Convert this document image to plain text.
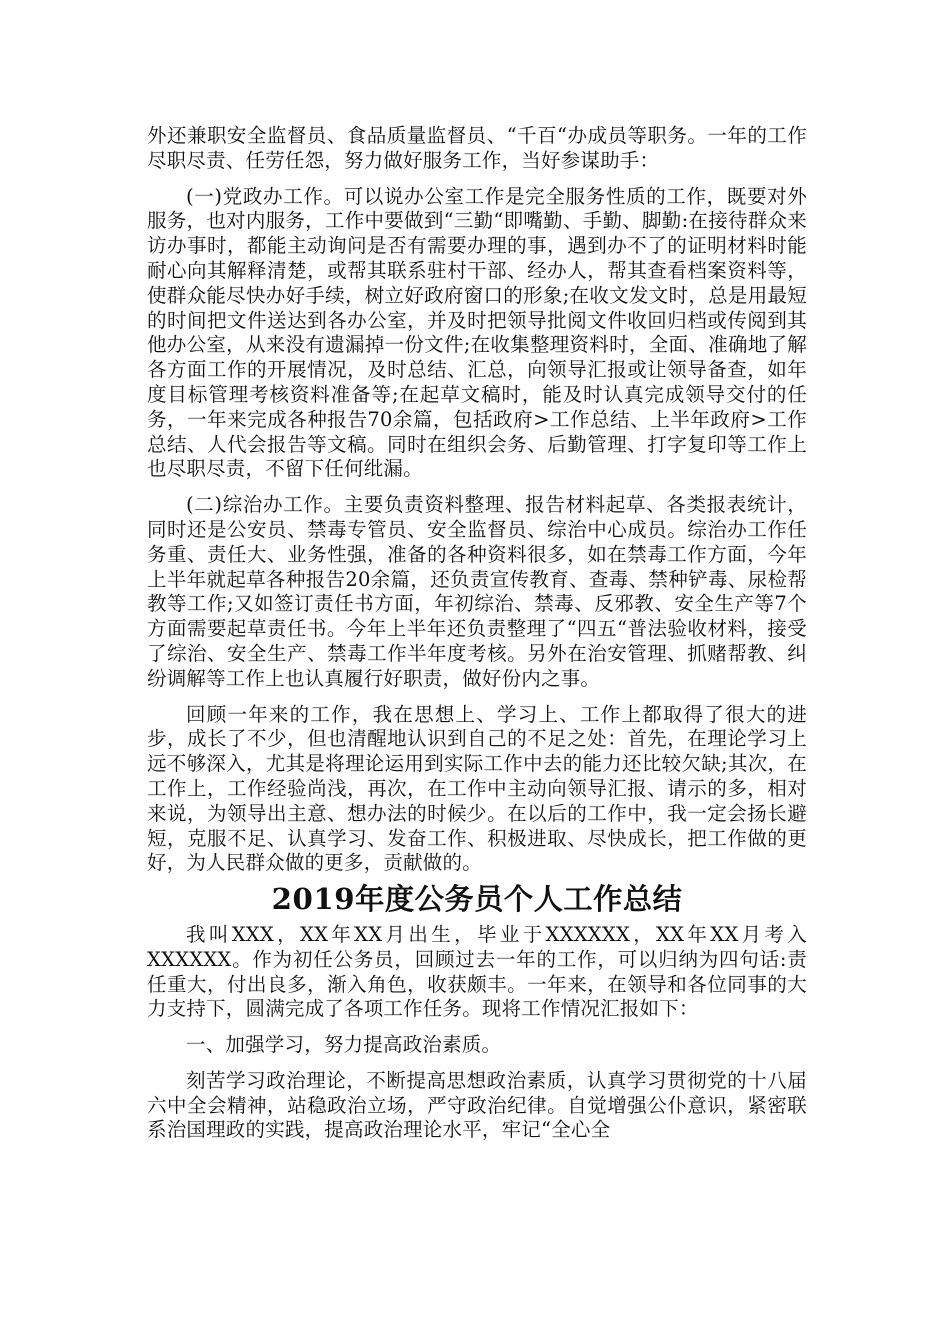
外还兼职安全监督员、食品质量监督员、“千百“办成员等职务。一年的工作尽职尽责、任劳任怨，努力做好服务工作，当好参谋助手：

(一)党政办工作。可以说办公室工作是完全服务性质的工作，既要对外服务，也对内服务，工作中要做到“三勤“即嘴勤、手勤、脚勤:在接待群众来访办事时，都能主动询问是否有需要办理的事，遇到办不了的证明材料时能耐心向其解释清楚，或帮其联系驻村干部、经办人，帮其查看档案资料等，使群众能尽快办好手续，树立好政府窗口的形象;在收文发文时，总是用最短的时间把文件送达到各办公室，并及时把领导批阅文件收回归档或传阅到其他办公室，从来没有遗漏掉一份文件;在收集整理资料时，全面、准确地了解各方面工作的开展情况，及时总结、汇总，向领导汇报或让领导备查，如年度目标管理考核资料准备等;在起草文稿时，能及时认真完成领导交付的任务，一年来完成各种报告70余篇，包括政府>工作总结、上半年政府>工作总结、人代会报告等文稿。同时在组织会务、后勤管理、打字复印等工作上也尽职尽责，不留下任何纰漏。

(二)综治办工作。主要负责资料整理、报告材料起草、各类报表统计，同时还是公安员、禁毒专管员、安全监督员、综治中心成员。综治办工作任务重、责任大、业务性强，准备的各种资料很多，如在禁毒工作方面，今年上半年就起草各种报告20余篇，还负责宣传教育、查毒、禁种铲毒、尿检帮教等工作;又如签订责任书方面，年初综治、禁毒、反邪教、安全生产等7个方面需要起草责任书。今年上半年还负责整理了“四五“普法验收材料，接受了综治、安全生产、禁毒工作半年度考核。另外在治安管理、抓赌帮教、纠纷调解等工作上也认真履行好职责，做好份内之事。

回顾一年来的工作，我在思想上、学习上、工作上都取得了很大的进步，成长了不少，但也清醒地认识到自己的不足之处：首先，在理论学习上远不够深入，尤其是将理论运用到实际工作中去的能力还比较欠缺;其次，在工作上，工作经验尚浅，再次，在工作中主动向领导汇报、请示的多，相对来说，为领导出主意、想办法的时候少。在以后的工作中，我一定会扬长避短，克服不足、认真学习、发奋工作、积极进取、尽快成长，把工作做的更好，为人民群众做的更多，贡献做的。

2019年度公务员个人工作总结

我叫XXX，XX年XX月出生，毕业于XXXXXX，XX年XX月考入XXXXXX。作为初任公务员，回顾过去一年的工作，可以归纳为四句话:责任重大，付出良多，渐入角色，收获颇丰。一年来，在领导和各位同事的大力支持下，圆满完成了各项工作任务。现将工作情况汇报如下：

一、加强学习，努力提高政治素质。

刻苦学习政治理论，不断提高思想政治素质，认真学习贯彻党的十八届六中全会精神，站稳政治立场，严守政治纪律。自觉增强公仆意识，紧密联系治国理政的实践，提高政治理论水平，牢记“全心全
